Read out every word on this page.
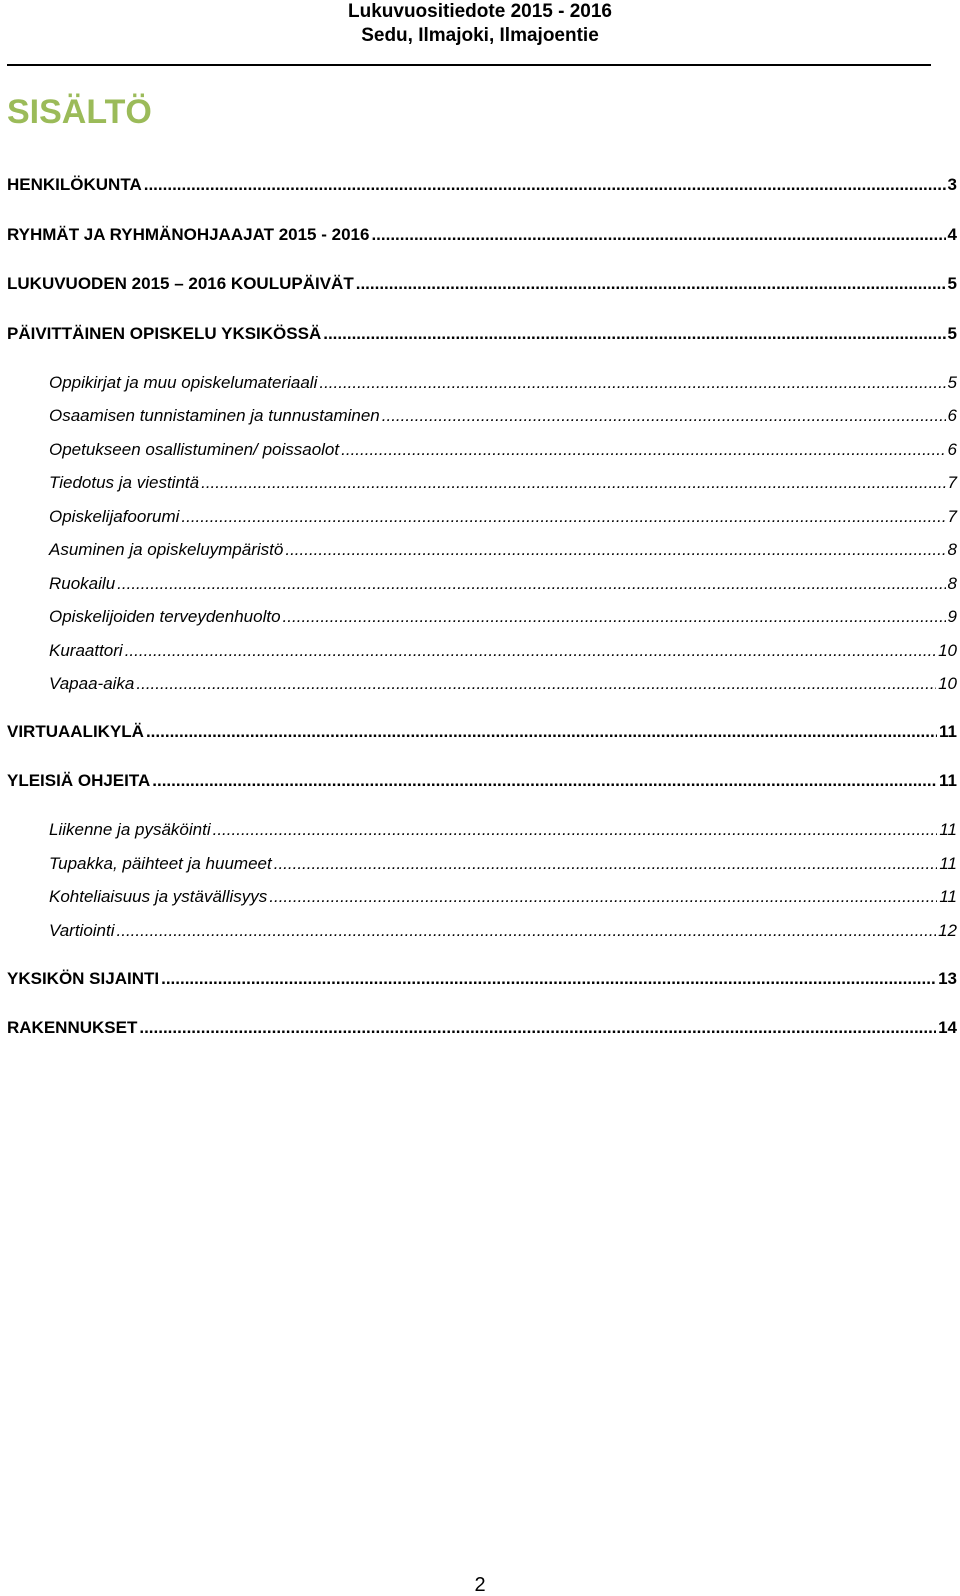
Lukuvuositiedote 2015 - 2016
Sedu, Ilmajoki, Ilmajoentie
SISÄLTÖ
HENKILÖKUNTA .....	3
RYHMÄT JA RYHMÄNOHJAAJAT 2015 - 2016 .....	4
LUKUVUODEN 2015 – 2016 KOULUPÄIVÄT .....	5
PÄIVITTÄINEN OPISKELU YKSIKÖSSÄ .....	5
Oppikirjat ja muu opiskelumateriaali .....	5
Osaamisen tunnistaminen ja tunnustaminen .....	6
Opetukseen osallistuminen/ poissaolot .....	6
Tiedotus ja viestintä .....	7
Opiskelijafoorumi .....	7
Asuminen ja opiskeluympäristö .....	8
Ruokailu .....	8
Opiskelijoiden terveydenhuolto .....	9
Kuraattori .....	10
Vapaa-aika .....	10
VIRTUAALIKYLÄ .....	11
YLEISIÄ OHJEITA .....	11
Liikenne ja pysäköinti .....	11
Tupakka, päihteet ja huumeet .....	11
Kohteliaisuus ja ystävällisyys .....	11
Vartiointi .....	12
YKSIKÖN SIJAINTI .....	13
RAKENNUKSET .....	14
2
